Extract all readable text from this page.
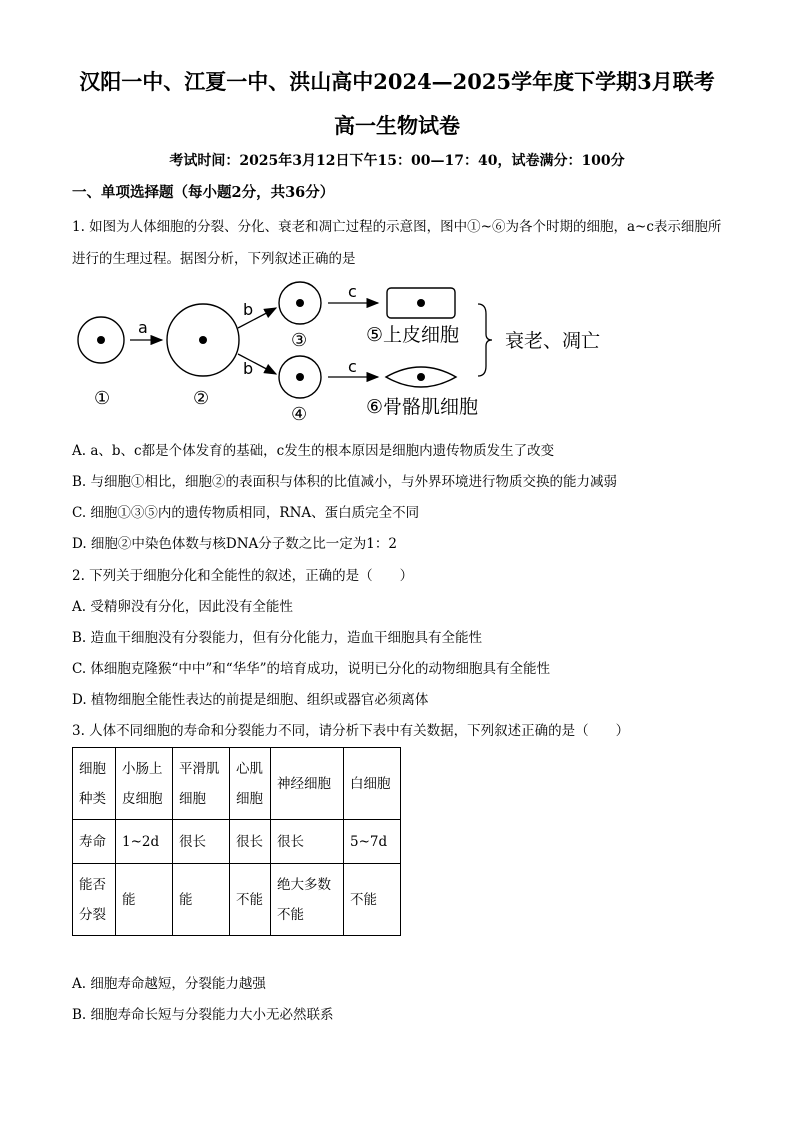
汉阳一中、江夏一中、洪山高中2024—2025学年度下学期3月联考
高一生物试卷
考试时间：2025年3月12日下午15：00—17：40，试卷满分：100分
一、单项选择题（每小题2分，共36分）
1. 如图为人体细胞的分裂、分化、衰老和凋亡过程的示意图，图中①~⑥为各个时期的细胞，a~c表示细胞所进行的生理过程。据图分析，下列叙述正确的是
a
b
b
c
c
①	②
③
④
⑤上皮细胞
⑥骨骼肌细胞
衰老、凋亡
A. a、b、c都是个体发育的基础，c发生的根本原因是细胞内遗传物质发生了改变
B. 与细胞①相比，细胞②的表面积与体积的比值减小，与外界环境进行物质交换的能力减弱
C. 细胞①③⑤内的遗传物质相同，RNA、蛋白质完全不同
D. 细胞②中染色体数与核DNA分子数之比一定为1：2
2. 下列关于细胞分化和全能性的叙述，正确的是（　　）
A. 受精卵没有分化，因此没有全能性
B. 造血干细胞没有分裂能力，但有分化能力，造血干细胞具有全能性
C. 体细胞克隆猴“中中”和“华华”的培育成功，说明已分化的动物细胞具有全能性
D. 植物细胞全能性表达的前提是细胞、组织或器官必须离体
3. 人体不同细胞的寿命和分裂能力不同，请分析下表中有关数据，下列叙述正确的是（　　）
细胞种类	小肠上皮细胞	平滑肌细胞	心肌细胞	神经细胞	白细胞
寿命	1~2d	很长	很长	很长	5~7d
能否分裂	能	能	不能	绝大多数不能	不能
A. 细胞寿命越短，分裂能力越强
B. 细胞寿命长短与分裂能力大小无必然联系
